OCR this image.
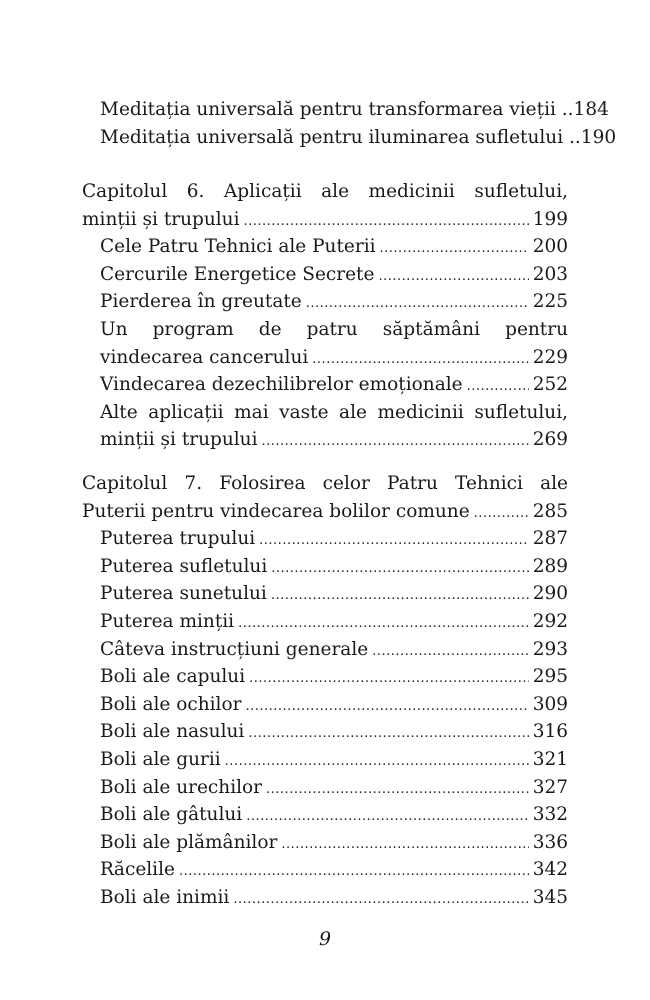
Meditația universală pentru transformarea vieții .. 184
Meditația universală pentru iluminarea sufletului .. 190
Capitolul 6. Aplicații ale medicinii sufletului,
minții și trupului .....	199
Cele Patru Tehnici ale Puterii .....	200
Cercurile Energetice Secrete .....	203
Pierderea în greutate .....	225
Un program de patru săptămâni pentru
vindecarea cancerului .....	229
Vindecarea dezechilibrelor emoționale .....	252
Alte aplicații mai vaste ale medicinii sufletului,
minții și trupului .....	269
Capitolul 7. Folosirea celor Patru Tehnici ale
Puterii pentru vindecarea bolilor comune .....	285
Puterea trupului .....	287
Puterea sufletului .....	289
Puterea sunetului .....	290
Puterea minții .....	292
Câteva instrucțiuni generale .....	293
Boli ale capului .....	295
Boli ale ochilor .....	309
Boli ale nasului .....	316
Boli ale gurii .....	321
Boli ale urechilor .....	327
Boli ale gâtului .....	332
Boli ale plămânilor .....	336
Răcelile .....	342
Boli ale inimii .....	345
9
